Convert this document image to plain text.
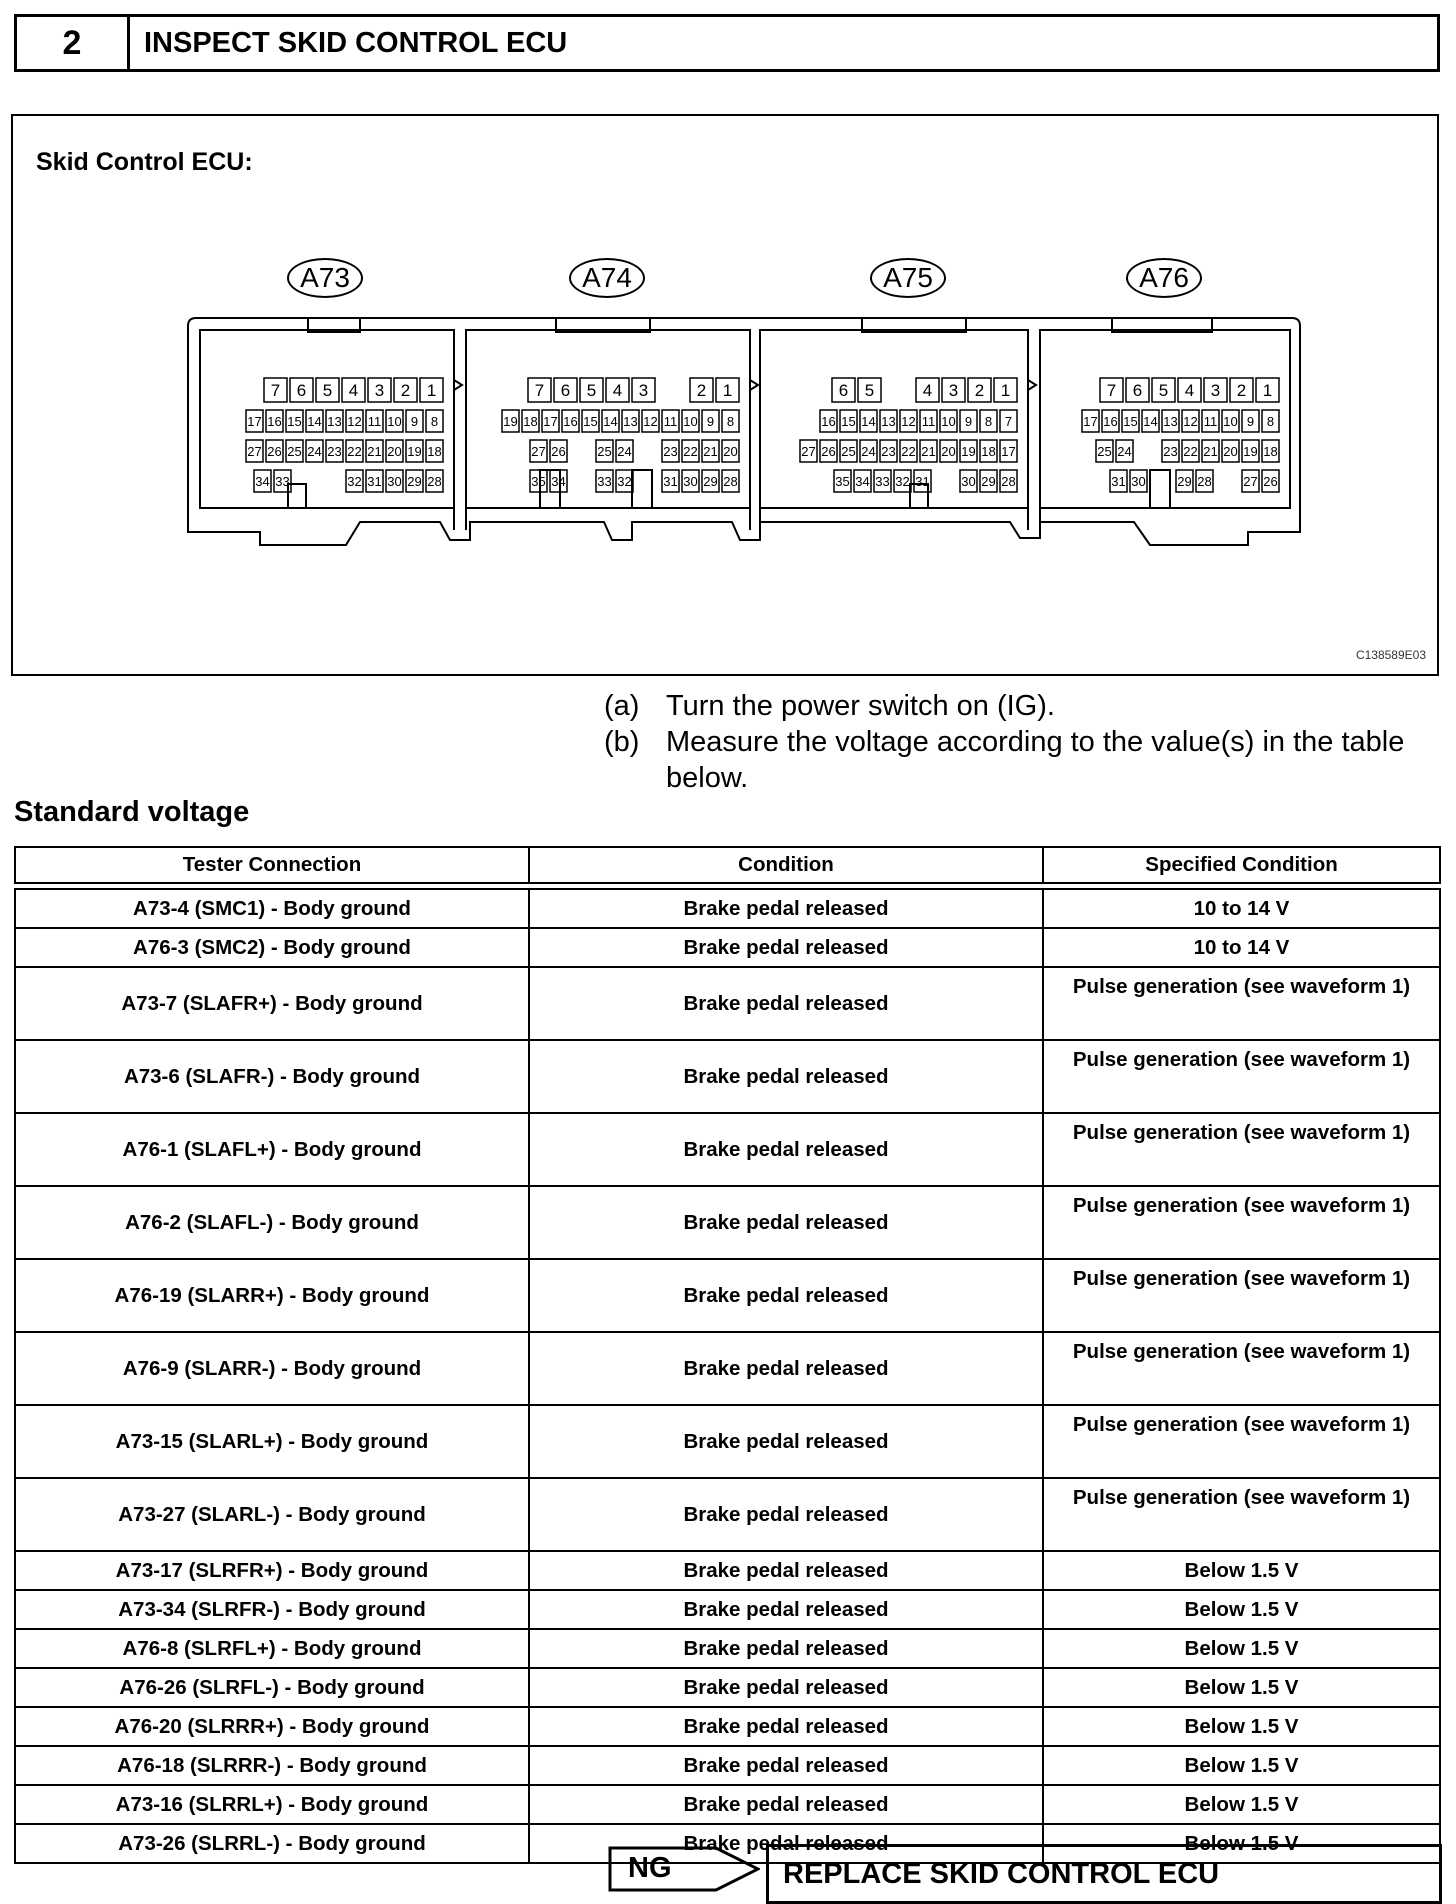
2	INSPECT SKID CONTROL ECU
Skid Control ECU:
C138589E03
A73	A74	A75	A76
1
2
3
4
5
6
7
8
9
10
11
12
13
14
15
16
17
18
19
20
21
22
23
24
25
26
27
28
29
30
31
32
33
34
1
2
3
4
5
6
7
8
9
10
11
12
13
14
15
16
17
18
19
20
21
22
23
24
25
26
27
28
29
30
31
32
33
34
35
1
2
3
4
5
6
7
8
9
10
11
12
13
14
15
16
17
18
19
20
21
22
23
24
25
26
27
28
29
30
31
32
33
34
35
1
2
3
4
5
6
7
8
9
10
11
12
13
14
15
16
17
18
19
20
21
22
23
24
25
26
27
28
29
30
31
(a) Turn the power switch on (IG).
(b) Measure the voltage according to the value(s) in the table below.
Standard voltage
Tester Connection	Condition	Specified Condition

A73-4 (SMC1) - Body ground	Brake pedal released	10 to 14 V
A76-3 (SMC2) - Body ground	Brake pedal released	10 to 14 V
A73-7 (SLAFR+) - Body ground	Brake pedal released	Pulse generation (see waveform 1)
A73-6 (SLAFR-) - Body ground	Brake pedal released	Pulse generation (see waveform 1)
A76-1 (SLAFL+) - Body ground	Brake pedal released	Pulse generation (see waveform 1)
A76-2 (SLAFL-) - Body ground	Brake pedal released	Pulse generation (see waveform 1)
A76-19 (SLARR+) - Body ground	Brake pedal released	Pulse generation (see waveform 1)
A76-9 (SLARR-) - Body ground	Brake pedal released	Pulse generation (see waveform 1)
A73-15 (SLARL+) - Body ground	Brake pedal released	Pulse generation (see waveform 1)
A73-27 (SLARL-) - Body ground	Brake pedal released	Pulse generation (see waveform 1)
A73-17 (SLRFR+) - Body ground	Brake pedal released	Below 1.5 V
A73-34 (SLRFR-) - Body ground	Brake pedal released	Below 1.5 V
A76-8 (SLRFL+) - Body ground	Brake pedal released	Below 1.5 V
A76-26 (SLRFL-) - Body ground	Brake pedal released	Below 1.5 V
A76-20 (SLRRR+) - Body ground	Brake pedal released	Below 1.5 V
A76-18 (SLRRR-) - Body ground	Brake pedal released	Below 1.5 V
A73-16 (SLRRL+) - Body ground	Brake pedal released	Below 1.5 V
A73-26 (SLRRL-) - Body ground	Brake pedal released	Below 1.5 V
NG	REPLACE SKID CONTROL ECU
